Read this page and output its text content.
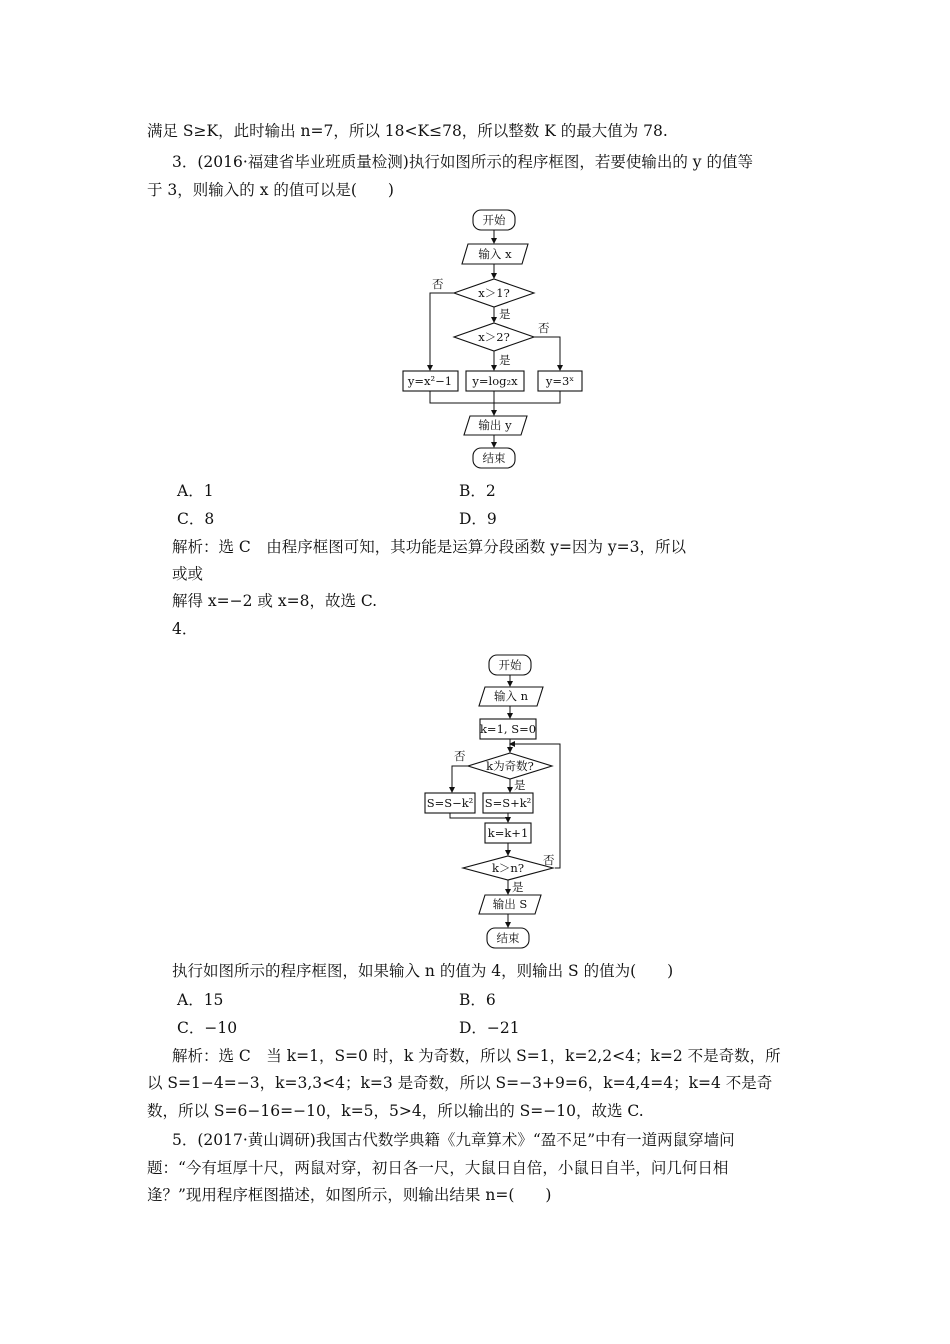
满足 S≥K，此时输出 n=7，所以 18<K≤78，所以整数 K 的最大值为 78.
3．(2016·福建省毕业班质量检测)执行如图所示的程序框图，若要使输出的 y 的值等
于 3，则输入的 x 的值可以是(　　)
开始
输入 x
x＞1?
否
是
x＞2?
否
是
y=x²−1 y=log₂x y=3ˣ
输出 y
结束
A．1	B．2
C．8	D．9
解析：选 C　由程序框图可知，其功能是运算分段函数 y=因为 y=3，所以
或或
解得 x=−2 或 x=8，故选 C.
4．
开始
输入 n
k=1, S=0
k为奇数?
否
是
S=S−k² S=S+k²
k=k+1
k＞n?
否
是
输出 S
结束
执行如图所示的程序框图，如果输入 n 的值为 4，则输出 S 的值为(　　)
A．15	B．6
C．−10	D．−21
解析：选 C　当 k=1，S=0 时，k 为奇数，所以 S=1，k=2,2<4；k=2 不是奇数，所
以 S=1−4=−3，k=3,3<4；k=3 是奇数，所以 S=−3+9=6，k=4,4=4；k=4 不是奇
数，所以 S=6−16=−10，k=5，5>4，所以输出的 S=−10，故选 C.
5．(2017·黄山调研)我国古代数学典籍《九章算术》“盈不足”中有一道两鼠穿墙问
题：“今有垣厚十尺，两鼠对穿，初日各一尺，大鼠日自倍，小鼠日自半，问几何日相
逢？”现用程序框图描述，如图所示，则输出结果 n=(　　)
